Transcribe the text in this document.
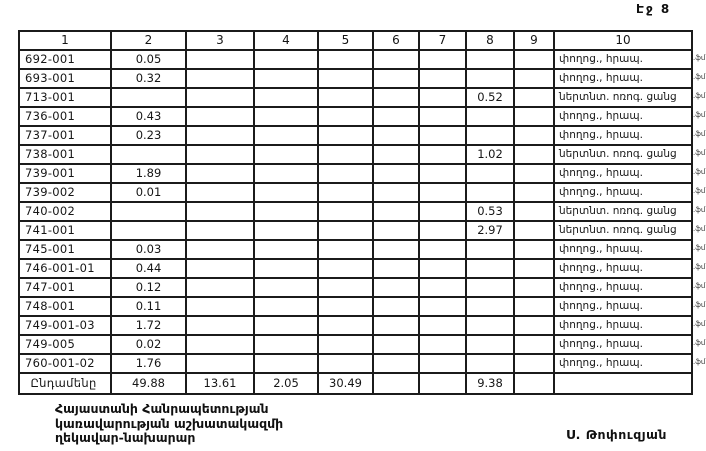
Էջ 8
1	2	3	4	5	6	7	8	9	10
692-001	0.05								փողոց., հրապ.
693-001	0.32								փողոց., հրապ.
713-001							0.52		ներտնտ. ոռոգ. ցանց
736-001	0.43								փողոց., հրապ.
737-001	0.23								փողոց., հրապ.
738-001							1.02		ներտնտ. ոռոգ. ցանց
739-001	1.89								փողոց., հրապ.
739-002	0.01								փողոց., հրապ.
740-002							0.53		ներտնտ. ոռոգ. ցանց
741-001							2.97		ներտնտ. ոռոգ. ցանց
745-001	0.03								փողոց., հրապ.
746-001-01	0.44								փողոց., հրապ.
747-001	0.12								փողոց., հրապ.
748-001	0.11								փողոց., հրապ.
749-001-03	1.72								փողոց., հրապ.
749-005	0.02								փողոց., հրապ.
760-001-02	1.76								փողոց., հրապ.
Ընդամենը	49.88	13.61	2.05	30.49			9.38		
.ֆմ
.ֆմ
.ֆմ
.ֆմ
.ֆմ
.ֆմ
.ֆմ
.ֆմ
.ֆմ
.ֆմ
.ֆմ
.ֆմ
.ֆմ
.ֆմ
.ֆմ
.ֆմ
.ֆմ
Հայաստանի Հանրապետության
կառավարության աշխատակազմի
ղեկավար-նախարար	Ս. Թոփուզյան
